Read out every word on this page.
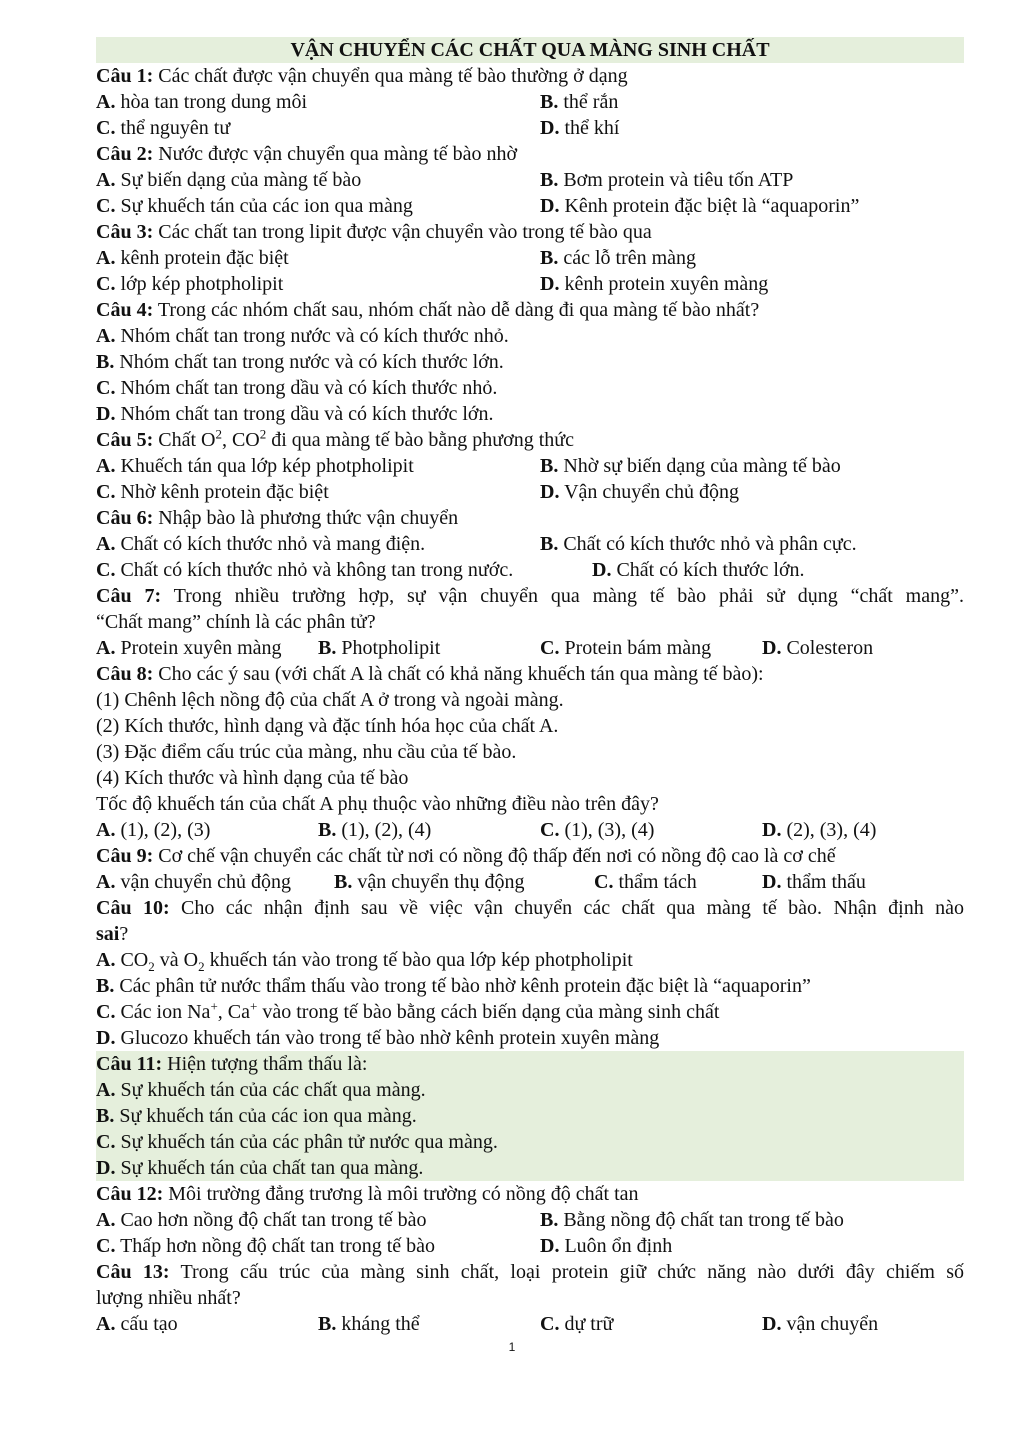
VẬN CHUYỂN CÁC CHẤT QUA MÀNG SINH CHẤT
Câu 1: Các chất được vận chuyển qua màng tế bào thường ở dạng
A. hòa tan trong dung môi	B. thể rắn
C. thể nguyên tư	D. thể khí
Câu 2: Nước được vận chuyển qua màng tế bào nhờ
A. Sự biến dạng của màng tế bào	B. Bơm protein và tiêu tốn ATP
C. Sự khuếch tán của các ion qua màng	D. Kênh protein đặc biệt là “aquaporin”
Câu 3: Các chất tan trong lipit được vận chuyển vào trong tế bào qua
A. kênh protein đặc biệt	B. các lỗ trên màng
C. lớp kép photpholipit	D. kênh protein xuyên màng
Câu 4: Trong các nhóm chất sau, nhóm chất nào dễ dàng đi qua màng tế bào nhất?
A. Nhóm chất tan trong nước và có kích thước nhỏ.
B. Nhóm chất tan trong nước và có kích thước lớn.
C. Nhóm chất tan trong dầu và có kích thước nhỏ.
D. Nhóm chất tan trong dầu và có kích thước lớn.
Câu 5: Chất $O^2$, $CO^2$ đi qua màng tế bào bằng phương thức
A. Khuếch tán qua lớp kép photpholipit	B. Nhờ sự biến dạng của màng tế bào
C. Nhờ kênh protein đặc biệt	D. Vận chuyển chủ động
Câu 6: Nhập bào là phương thức vận chuyển
A. Chất có kích thước nhỏ và mang điện.	B. Chất có kích thước nhỏ và phân cực.
C. Chất có kích thước nhỏ và không tan trong nước.	D. Chất có kích thước lớn.
Câu 7: Trong nhiều trường hợp, sự vận chuyển qua màng tế bào phải sử dụng “chất mang”.
“Chất mang” chính là các phân tử?
A. Protein xuyên màng B. Photpholipit	C. Protein bám màng	D. Colesteron
Câu 8: Cho các ý sau (với chất A là chất có khả năng khuếch tán qua màng tế bào):
(1) Chênh lệch nồng độ của chất A ở trong và ngoài màng.
(2) Kích thước, hình dạng và đặc tính hóa học của chất A.
(3) Đặc điểm cấu trúc của màng, nhu cầu của tế bào.
(4) Kích thước và hình dạng của tế bào
Tốc độ khuếch tán của chất A phụ thuộc vào những điều nào trên đây?
A. (1), (2), (3)	B. (1), (2), (4)	C. (1), (3), (4)	D. (2), (3), (4)
Câu 9: Cơ chế vận chuyển các chất từ nơi có nồng độ thấp đến nơi có nồng độ cao là cơ chế
A. vận chuyển chủ động B. vận chuyển thụ động	C. thẩm tách	D. thẩm thấu
Câu 10: Cho các nhận định sau về việc vận chuyển các chất qua màng tế bào. Nhận định nào
sai?
A. $CO_2$ và $O_2$ khuếch tán vào trong tế bào qua lớp kép photpholipit
B. Các phân tử nước thẩm thấu vào trong tế bào nhờ kênh protein đặc biệt là “aquaporin”
C. Các ion Na+, Ca+ vào trong tế bào bằng cách biến dạng của màng sinh chất
D. Glucozo khuếch tán vào trong tế bào nhờ kênh protein xuyên màng
Câu 11: Hiện tượng thẩm thấu là:
A. Sự khuếch tán của các chất qua màng.
B. Sự khuếch tán của các ion qua màng.
C. Sự khuếch tán của các phân tử nước qua màng.
D. Sự khuếch tán của chất tan qua màng.
Câu 12: Môi trường đẳng trương là môi trường có nồng độ chất tan
A. Cao hơn nồng độ chất tan trong tế bào	B. Bằng nồng độ chất tan trong tế bào
C. Thấp hơn nồng độ chất tan trong tế bào	D. Luôn ổn định
Câu 13: Trong cấu trúc của màng sinh chất, loại protein giữ chức năng nào dưới đây chiếm số
lượng nhiều nhất?
A. cấu tạo	B. kháng thể	C. dự trữ	D. vận chuyển
1
